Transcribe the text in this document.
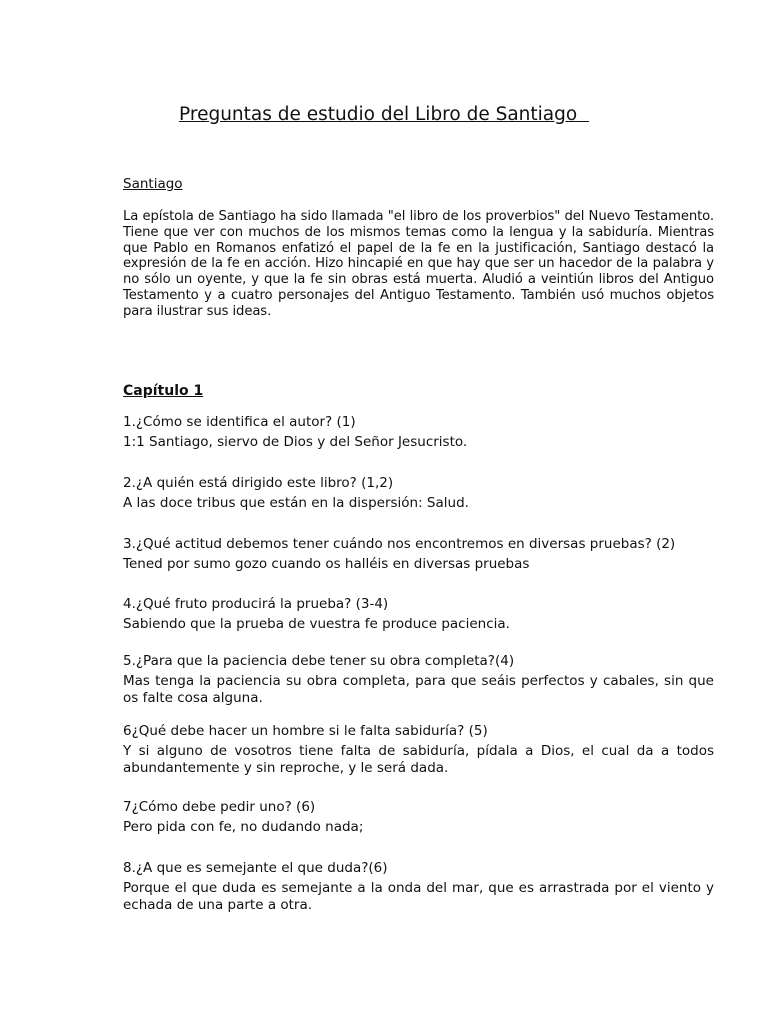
Preguntas de estudio del Libro de Santiago
Santiago
La epístola de Santiago ha sido llamada "el libro de los proverbios" del Nuevo Testamento. Tiene que ver con muchos de los mismos temas como la lengua y la sabiduría. Mientras que Pablo en Romanos enfatizó el papel de la fe en la justificación, Santiago destacó la expresión de la fe en acción. Hizo hincapié en que hay que ser un hacedor de la palabra y no sólo un oyente, y que la fe sin obras está muerta. Aludió a veintiún libros del Antiguo Testamento y a cuatro personajes del Antiguo Testamento. También usó muchos objetos para ilustrar sus ideas.
Capítulo 1

1.¿Cómo se identifica el autor? (1)

1:1 Santiago, siervo de Dios y del Señor Jesucristo.

2.¿A quién está dirigido este libro? (1,2)

A las doce tribus que están en la dispersión: Salud.

3.¿Qué actitud debemos tener cuándo nos encontremos en diversas pruebas? (2)

Tened por sumo gozo cuando os halléis en diversas pruebas

4.¿Qué fruto producirá la prueba? (3-4)

Sabiendo que la prueba de vuestra fe produce paciencia.

5.¿Para que la paciencia debe tener su obra completa?(4)

Mas tenga la paciencia su obra completa, para que seáis perfectos y cabales, sin que os falte cosa alguna.

6¿Qué debe hacer un hombre si le falta sabiduría? (5)

Y si alguno de vosotros tiene falta de sabiduría, pídala a Dios, el cual da a todos abundantemente y sin reproche, y le será dada.

7¿Cómo debe pedir uno? (6)

Pero pida con fe, no dudando nada;

8.¿A que es semejante el que duda?(6)

Porque el que duda es semejante a la onda del mar, que es arrastrada por el viento y echada de una parte a otra.
